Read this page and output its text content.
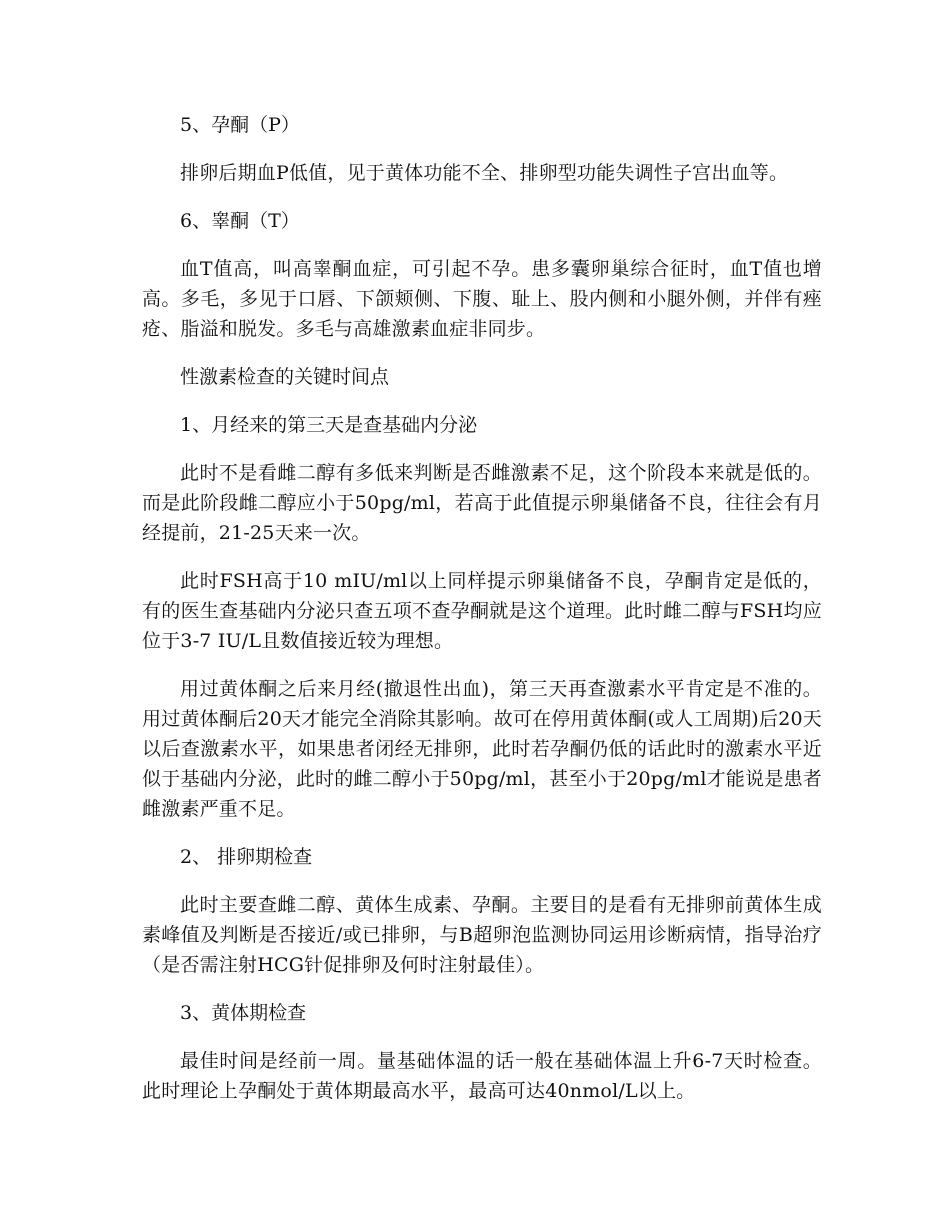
5、孕酮（P）

排卵后期血P低值，见于黄体功能不全、排卵型功能失调性子宫出血等。

6、睾酮（T）

血T值高，叫高睾酮血症，可引起不孕。患多囊卵巢综合征时，血T值也增高。多毛，多见于口唇、下颌颊侧、下腹、耻上、股内侧和小腿外侧，并伴有痤疮、脂溢和脱发。多毛与高雄激素血症非同步。

性激素检查的关键时间点

1、月经来的第三天是查基础内分泌

此时不是看雌二醇有多低来判断是否雌激素不足，这个阶段本来就是低的。而是此阶段雌二醇应小于50pg/ml，若高于此值提示卵巢储备不良，往往会有月经提前，21-25天来一次。

此时FSH高于10 mIU/ml以上同样提示卵巢储备不良，孕酮肯定是低的，有的医生查基础内分泌只查五项不查孕酮就是这个道理。此时雌二醇与FSH均应位于3-7 IU/L且数值接近较为理想。

用过黄体酮之后来月经(撤退性出血)，第三天再查激素水平肯定是不准的。用过黄体酮后20天才能完全消除其影响。故可在停用黄体酮(或人工周期)后20天以后查激素水平，如果患者闭经无排卵，此时若孕酮仍低的话此时的激素水平近似于基础内分泌，此时的雌二醇小于50pg/ml，甚至小于20pg/ml才能说是患者雌激素严重不足。

2、 排卵期检查

此时主要查雌二醇、黄体生成素、孕酮。主要目的是看有无排卵前黄体生成素峰值及判断是否接近/或已排卵，与B超卵泡监测协同运用诊断病情，指导治疗（是否需注射HCG针促排卵及何时注射最佳）。

3、黄体期检查

最佳时间是经前一周。量基础体温的话一般在基础体温上升6-7天时检查。此时理论上孕酮处于黄体期最高水平，最高可达40nmol/L以上。
